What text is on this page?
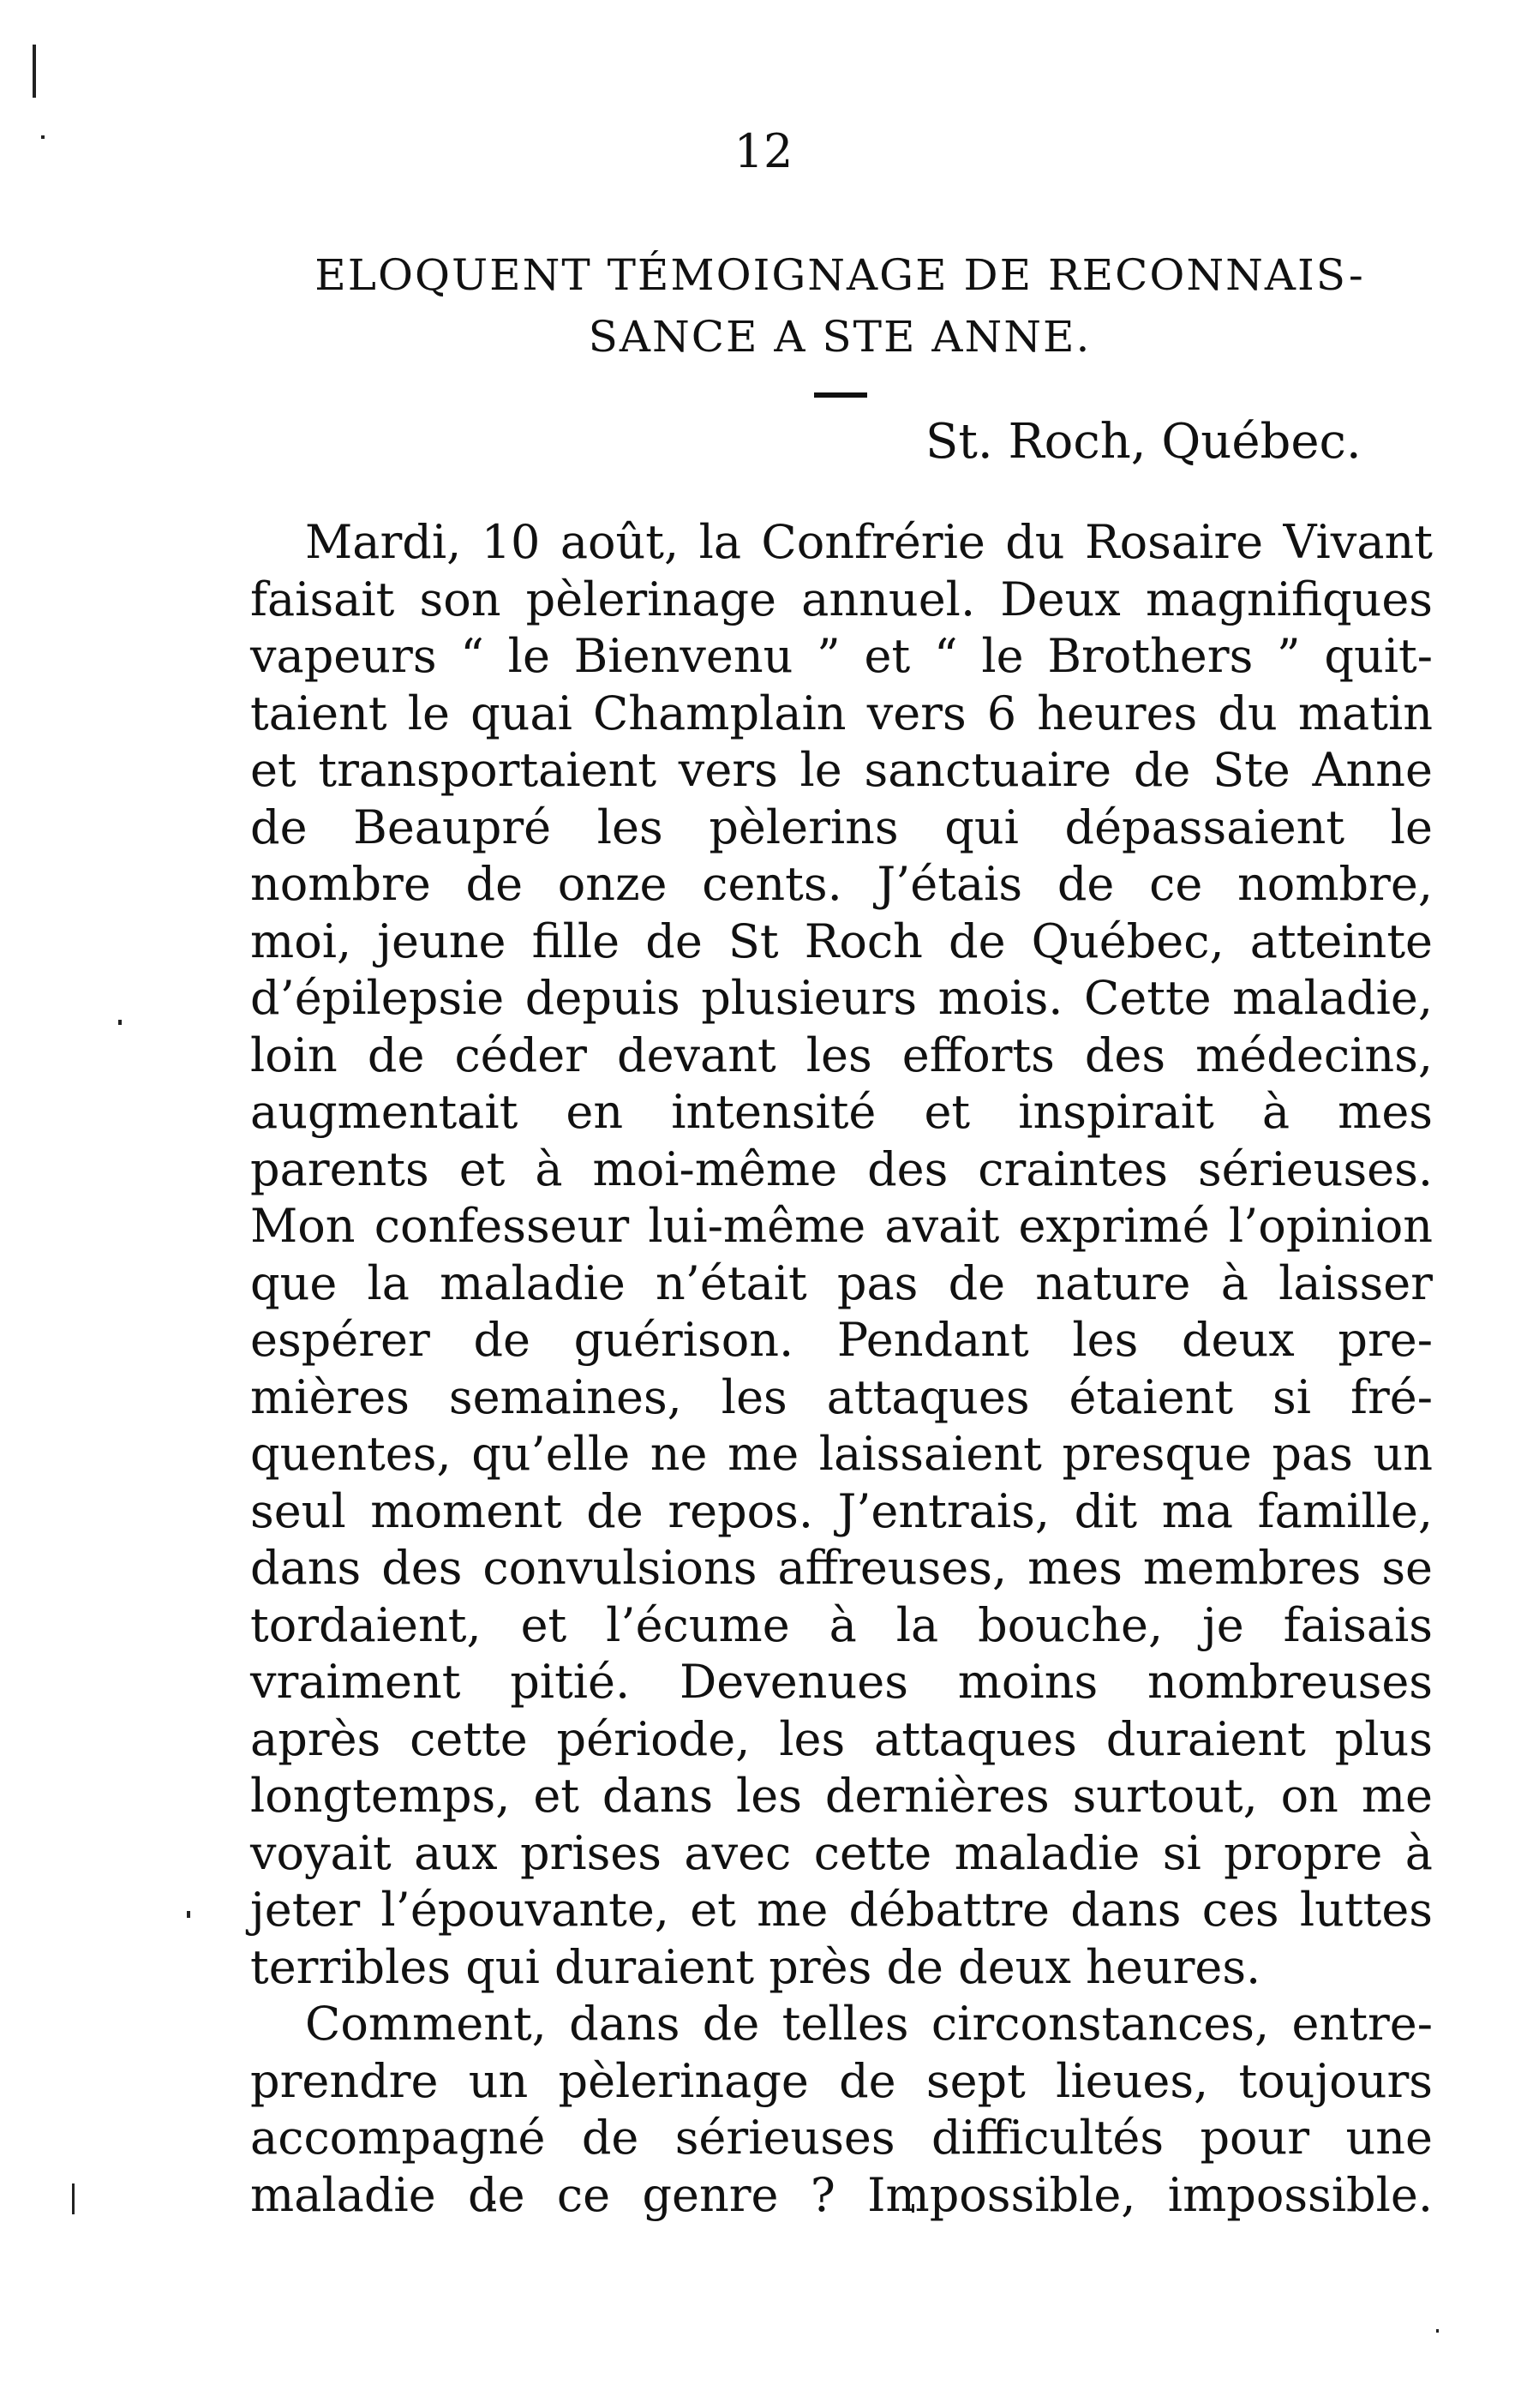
12
ELOQUENT TÉMOIGNAGE DE RECONNAIS-
SANCE A STE ANNE.
St. Roch, Québec.
Mardi, 10 août, la Confrérie du Rosaire Vivant
faisait son pèlerinage annuel. Deux magnifiques
vapeurs “ le Bienvenu ” et “ le Brothers ” quit-
taient le quai Champlain vers 6 heures du matin
et transportaient vers le sanctuaire de Ste Anne
de Beaupré les pèlerins qui dépassaient le
nombre de onze cents. J’étais de ce nombre,
moi, jeune fille de St Roch de Québec, atteinte
d’épilepsie depuis plusieurs mois. Cette maladie,
loin de céder devant les efforts des médecins,
augmentait en intensité et inspirait à mes
parents et à moi-même des craintes sérieuses.
Mon confesseur lui-même avait exprimé l’opinion
que la maladie n’était pas de nature à laisser
espérer de guérison. Pendant les deux pre-
mières semaines, les attaques étaient si fré-
quentes, qu’elle ne me laissaient presque pas un
seul moment de repos. J’entrais, dit ma famille,
dans des convulsions affreuses, mes membres se
tordaient, et l’écume à la bouche, je faisais
vraiment pitié. Devenues moins nombreuses
après cette période, les attaques duraient plus
longtemps, et dans les dernières surtout, on me
voyait aux prises avec cette maladie si propre à
jeter l’épouvante, et me débattre dans ces luttes
terribles qui duraient près de deux heures.
Comment, dans de telles circonstances, entre-
prendre un pèlerinage de sept lieues, toujours
accompagné de sérieuses difficultés pour une
maladie de ce genre ? Impossible, impossible.
